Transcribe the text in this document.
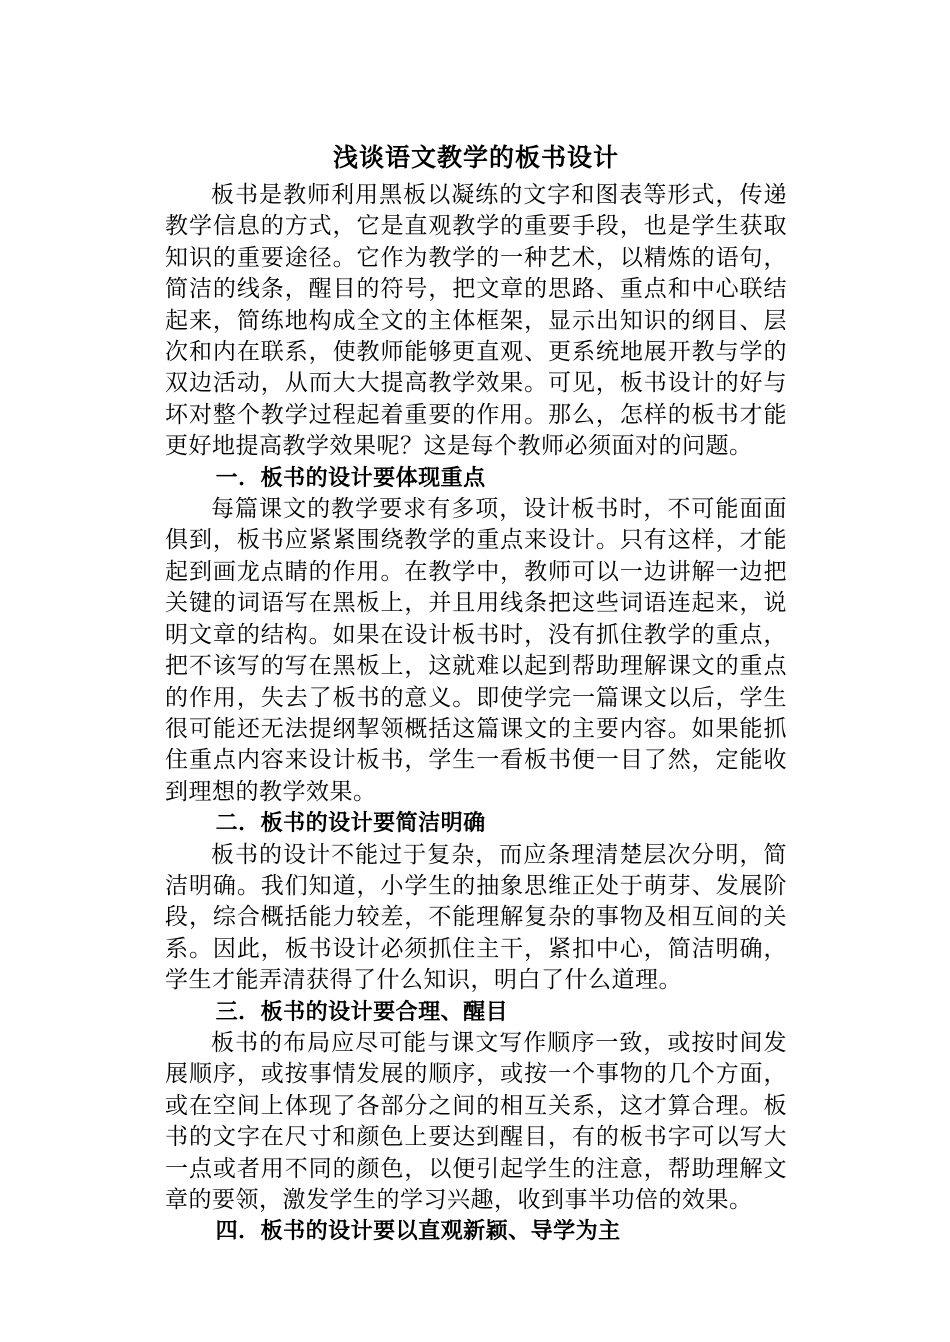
浅谈语文教学的板书设计

板书是教师利用黑板以凝练的文字和图表等形式，传递教学信息的方式，它是直观教学的重要手段，也是学生获取知识的重要途径。它作为教学的一种艺术，以精炼的语句，简洁的线条，醒目的符号，把文章的思路、重点和中心联结起来，简练地构成全文的主体框架，显示出知识的纲目、层次和内在联系，使教师能够更直观、更系统地展开教与学的双边活动，从而大大提高教学效果。可见，板书设计的好与坏对整个教学过程起着重要的作用。那么，怎样的板书才能更好地提高教学效果呢？这是每个教师必须面对的问题。

一．板书的设计要体现重点

每篇课文的教学要求有多项，设计板书时，不可能面面俱到，板书应紧紧围绕教学的重点来设计。只有这样，才能起到画龙点睛的作用。在教学中，教师可以一边讲解一边把关键的词语写在黑板上，并且用线条把这些词语连起来，说明文章的结构。如果在设计板书时，没有抓住教学的重点，把不该写的写在黑板上，这就难以起到帮助理解课文的重点的作用，失去了板书的意义。即使学完一篇课文以后，学生很可能还无法提纲挈领概括这篇课文的主要内容。如果能抓住重点内容来设计板书，学生一看板书便一目了然，定能收到理想的教学效果。

二．板书的设计要简洁明确

板书的设计不能过于复杂，而应条理清楚层次分明，简洁明确。我们知道，小学生的抽象思维正处于萌芽、发展阶段，综合概括能力较差，不能理解复杂的事物及相互间的关系。因此，板书设计必须抓住主干，紧扣中心，简洁明确，学生才能弄清获得了什么知识，明白了什么道理。

三．板书的设计要合理、醒目

板书的布局应尽可能与课文写作顺序一致，或按时间发展顺序，或按事情发展的顺序，或按一个事物的几个方面，或在空间上体现了各部分之间的相互关系，这才算合理。板书的文字在尺寸和颜色上要达到醒目，有的板书字可以写大一点或者用不同的颜色，以便引起学生的注意，帮助理解文章的要领，激发学生的学习兴趣，收到事半功倍的效果。

四．板书的设计要以直观新颖、导学为主
